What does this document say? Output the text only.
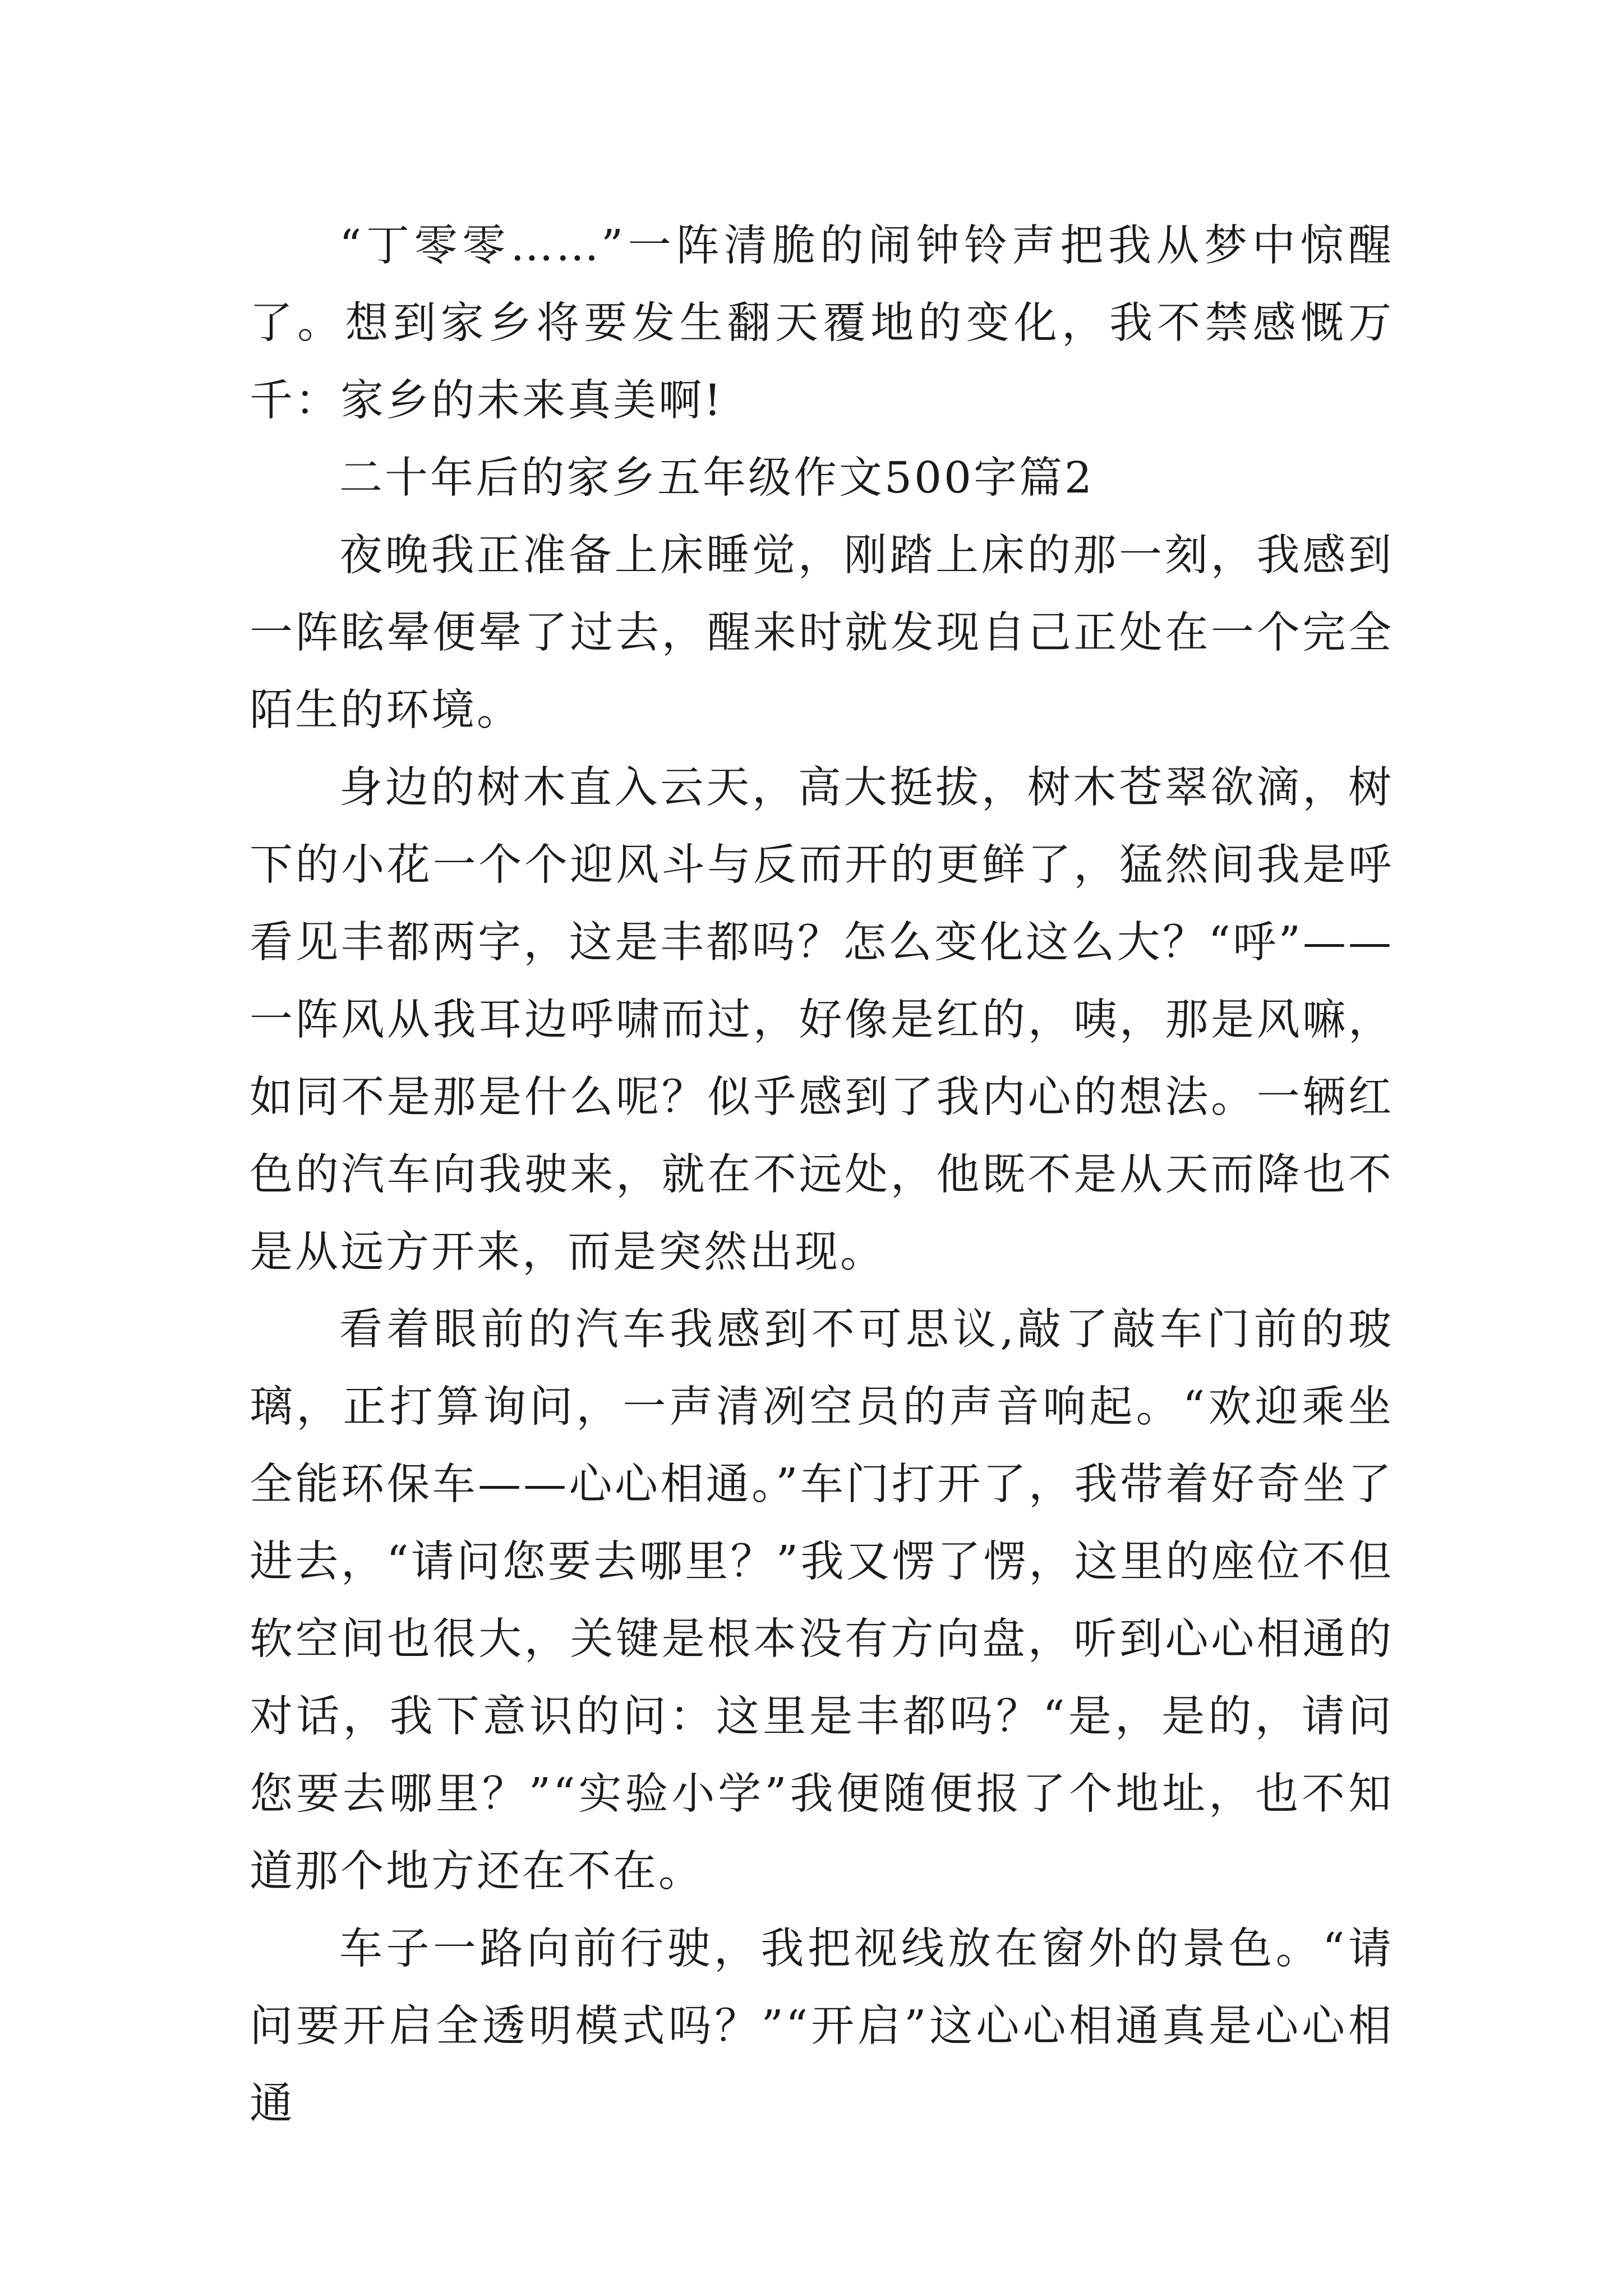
“丁零零……”一阵清脆的闹钟铃声把我从梦中惊醒了。想到家乡将要发生翻天覆地的变化，我不禁感慨万千：家乡的未来真美啊!

二十年后的家乡五年级作文500字篇2

夜晚我正准备上床睡觉，刚踏上床的那一刻，我感到一阵眩晕便晕了过去，醒来时就发现自己正处在一个完全陌生的环境。

身边的树木直入云天，高大挺拔，树木苍翠欲滴，树下的小花一个个迎风斗与反而开的更鲜了，猛然间我是呼看见丰都两字，这是丰都吗？怎么变化这么大？“呼”——一阵风从我耳边呼啸而过，好像是红的，咦，那是风嘛，如同不是那是什么呢？似乎感到了我内心的想法。一辆红色的汽车向我驶来，就在不远处，他既不是从天而降也不是从远方开来，而是突然出现。

看着眼前的汽车我感到不可思议,敲了敲车门前的玻璃，正打算询问，一声清冽空员的声音响起。“欢迎乘坐全能环保车——心心相通。”车门打开了，我带着好奇坐了进去，“请问您要去哪里？”我又愣了愣，这里的座位不但软空间也很大，关键是根本没有方向盘，听到心心相通的对话，我下意识的问：这里是丰都吗？“是，是的，请问您要去哪里？”“实验小学”我便随便报了个地址，也不知道那个地方还在不在。

车子一路向前行驶，我把视线放在窗外的景色。“请问要开启全透明模式吗？”“开启”这心心相通真是心心相通
